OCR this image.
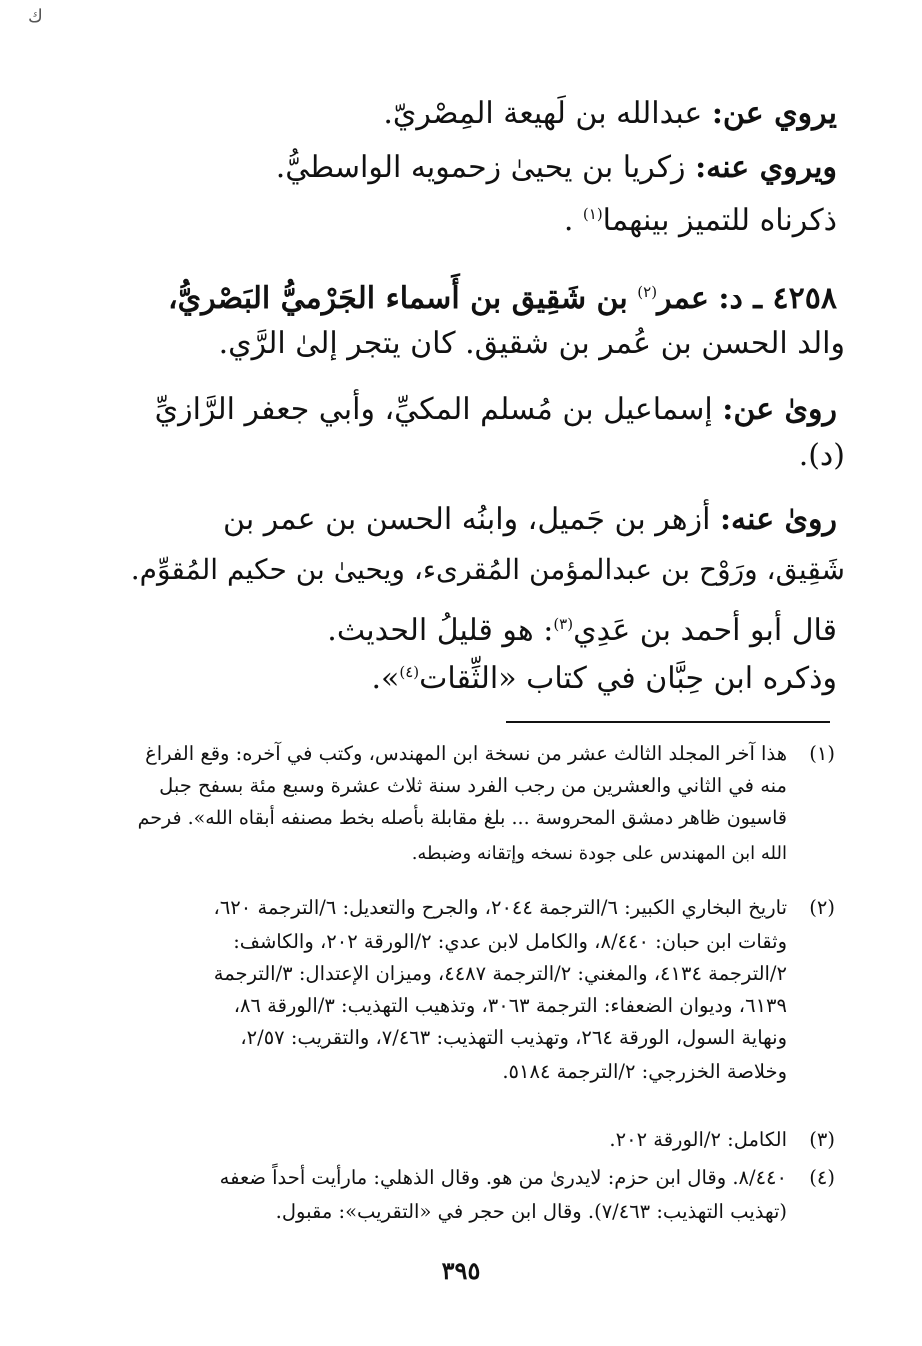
ك
يروي عن: عبدالله بن لَهيعة المِصْريّ.
ويروي عنه: زكريا بن يحيىٰ زحمويه الواسطيُّ.
ذكرناه للتميز بينهما$^{(١)}$ .
٤٢٥٨ ـ د: عمر$^{(٢)}$ بن شَقِيق بن أَسماء الجَرْميُّ البَصْريُّ،
والد الحسن بن عُمر بن شقيق. كان يتجر إلىٰ الرَّي.
رویٰ عن: إسماعيل بن مُسلم المكيِّ، وأبي جعفر الرَّازيِّ
(د).
رویٰ عنه: أزهر بن جَميل، وابنُه الحسن بن عمر بن
شَقِيق، ورَوْح بن عبدالمؤمن المُقرىء، ويحيىٰ بن حكيم المُقوِّم.
قال أبو أحمد بن عَدِي$^{(٣)}$: هو قليلُ الحديث.
وذكره ابن حِبَّان في كتاب «الثِّقات$^{(٤)}$».
(١)
هذا آخر المجلد الثالث عشر من نسخة ابن المهندس، وكتب في آخره: وقع الفراغ
منه في الثاني والعشرين من رجب الفرد سنة ثلاث عشرة وسبع مئة بسفح جبل
قاسيون ظاهر دمشق المحروسة ... بلغ مقابلة بأصله بخط مصنفه أبقاه الله». فرحم
الله ابن المهندس على جودة نسخه وإتقانه وضبطه.
(٢)
تاريخ البخاري الكبير: ٦/الترجمة ٢٠٤٤، والجرح والتعديل: ٦/الترجمة ٦٢٠،
وثقات ابن حبان: ٨/٤٤٠، والكامل لابن عدي: ٢/الورقة ٢٠٢، والكاشف:
٢/الترجمة ٤١٣٤، والمغني: ٢/الترجمة ٤٤٨٧، وميزان الإعتدال: ٣/الترجمة
٦١٣٩، وديوان الضعفاء: الترجمة ٣٠٦٣، وتذهيب التهذيب: ٣/الورقة ٨٦،
ونهاية السول، الورقة ٢٦٤، وتهذيب التهذيب: ٧/٤٦٣، والتقريب: ٢/٥٧،
وخلاصة الخزرجي: ٢/الترجمة ٥١٨٤.
(٣)
الكامل: ٢/الورقة ٢٠٢.
(٤)
٨/٤٤٠. وقال ابن حزم: لايدرىٰ من هو. وقال الذهلي: مارأيت أحداً ضعفه
(تهذيب التهذيب: ٧/٤٦٣). وقال ابن حجر في «التقريب»: مقبول.
٣٩٥
